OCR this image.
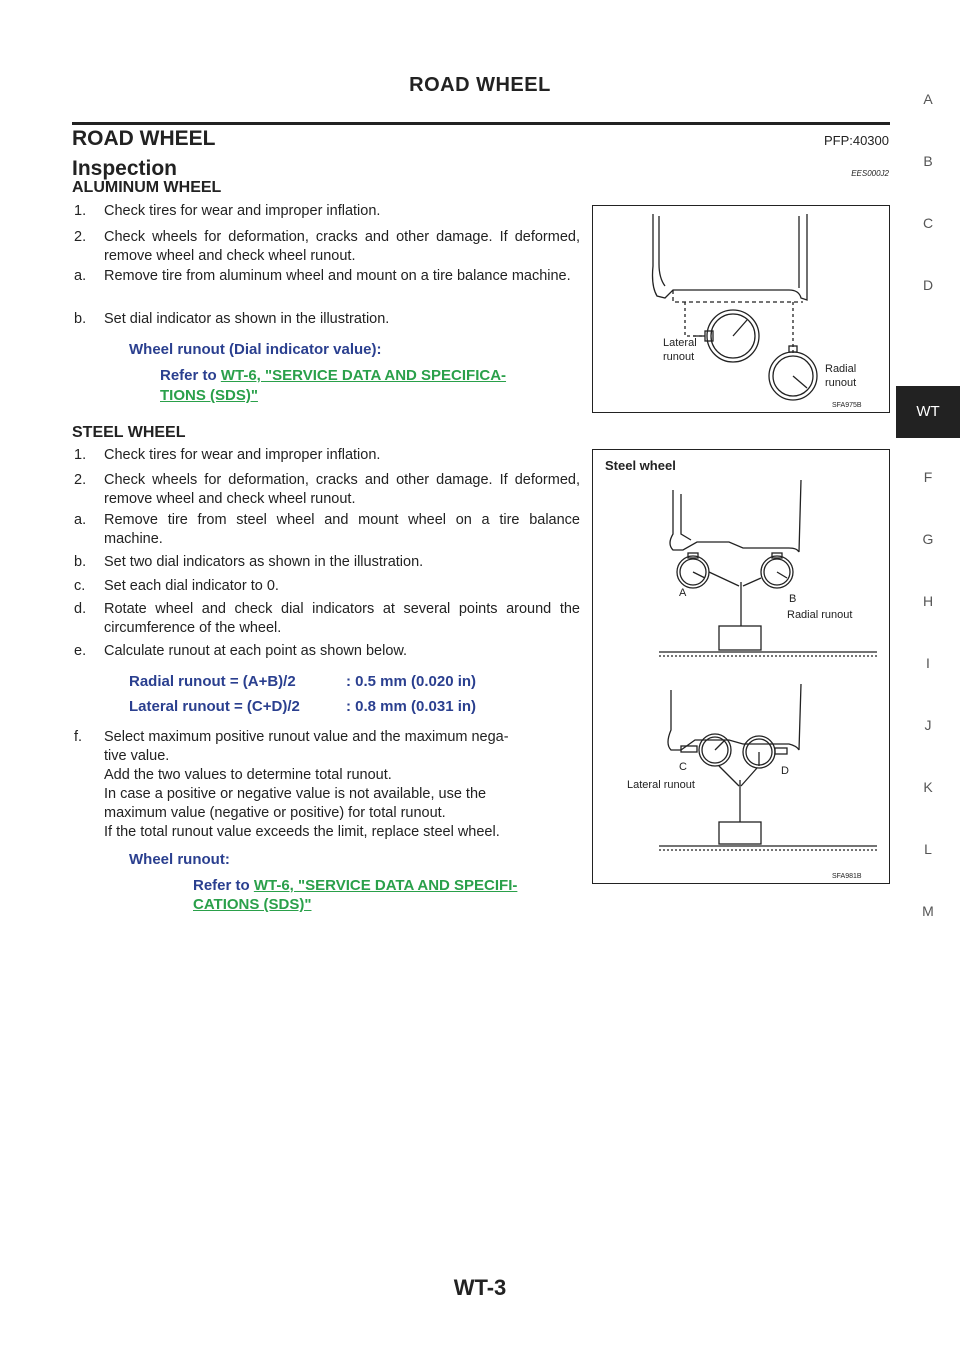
ROAD WHEEL
ROAD WHEEL	PFP:40300
Inspection	EES000J2
ALUMINUM WHEEL
1. Check tires for wear and improper inflation.
2. Check wheels for deformation, cracks and other damage. If deformed, remove wheel and check wheel runout.
a. Remove tire from aluminum wheel and mount on a tire balance machine.
b. Set dial indicator as shown in the illustration.
Wheel runout (Dial indicator value):
Refer to WT-6, "SERVICE DATA AND SPECIFICA-
TIONS (SDS)"
Lateral
runout
Radial
runout
SFA975B
STEEL WHEEL
1. Check tires for wear and improper inflation.
2. Check wheels for deformation, cracks and other damage. If deformed, remove wheel and check wheel runout.
a. Remove tire from steel wheel and mount wheel on a tire balance machine.
b. Set two dial indicators as shown in the illustration.
c. Set each dial indicator to 0.
d. Rotate wheel and check dial indicators at several points around the circumference of the wheel.
e. Calculate runout at each point as shown below.
Radial runout = (A+B)/2	: 0.5 mm (0.020 in)
Lateral runout = (C+D)/2	: 0.8 mm (0.031 in)
f. Select maximum positive runout value and the maximum nega-
tive value.
Add the two values to determine total runout.
In case a positive or negative value is not available, use the
maximum value (negative or positive) for total runout.
If the total runout value exceeds the limit, replace steel wheel.
Wheel runout:
Refer to WT-6, "SERVICE DATA AND SPECIFI-
CATIONS (SDS)"
Steel wheel
A	B
Radial runout
C	D
Lateral runout
SFA981B
A
B
C
D
WT
F
G
H
I
J
K
L
M
WT-3
